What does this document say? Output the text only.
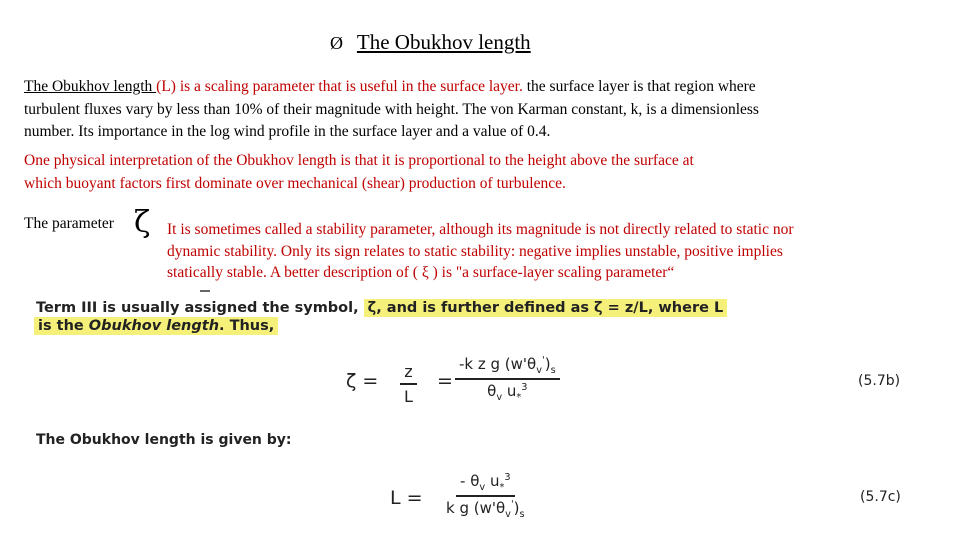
Ø The Obukhov length
The Obukhov length (L) is a scaling parameter that is useful in the surface layer. the surface layer is that region where
turbulent fluxes vary by less than 10% of their magnitude with height. The von Karman constant, k, is a dimensionless
number. Its importance in the log wind profile in the surface layer and a value of 0.4.
One physical interpretation of the Obukhov length is that it is proportional to the height above the surface at
which buoyant factors first dominate over mechanical (shear) production of turbulence.
The parameter ζ It is sometimes called a stability parameter, although its magnitude is not directly related to static nor
dynamic stability. Only its sign relates to static stability: negative implies unstable, positive implies
statically stable. A better description of ( ξ ) is "a surface-layer scaling parameter“
Term III is usually assigned the symbol, ζ, and is further defined as ζ = z/L, where L
is the Obukhov length. Thus,
$\zeta = \frac{z}{L} = \frac{-k z g (w'\theta_v')_s}{\theta_v u_*^3}$	(5.7b)
The Obukhov length is given by:
$L = \frac{- \theta_v u_*^3}{k g (w'\theta_v')_s}$	(5.7c)
